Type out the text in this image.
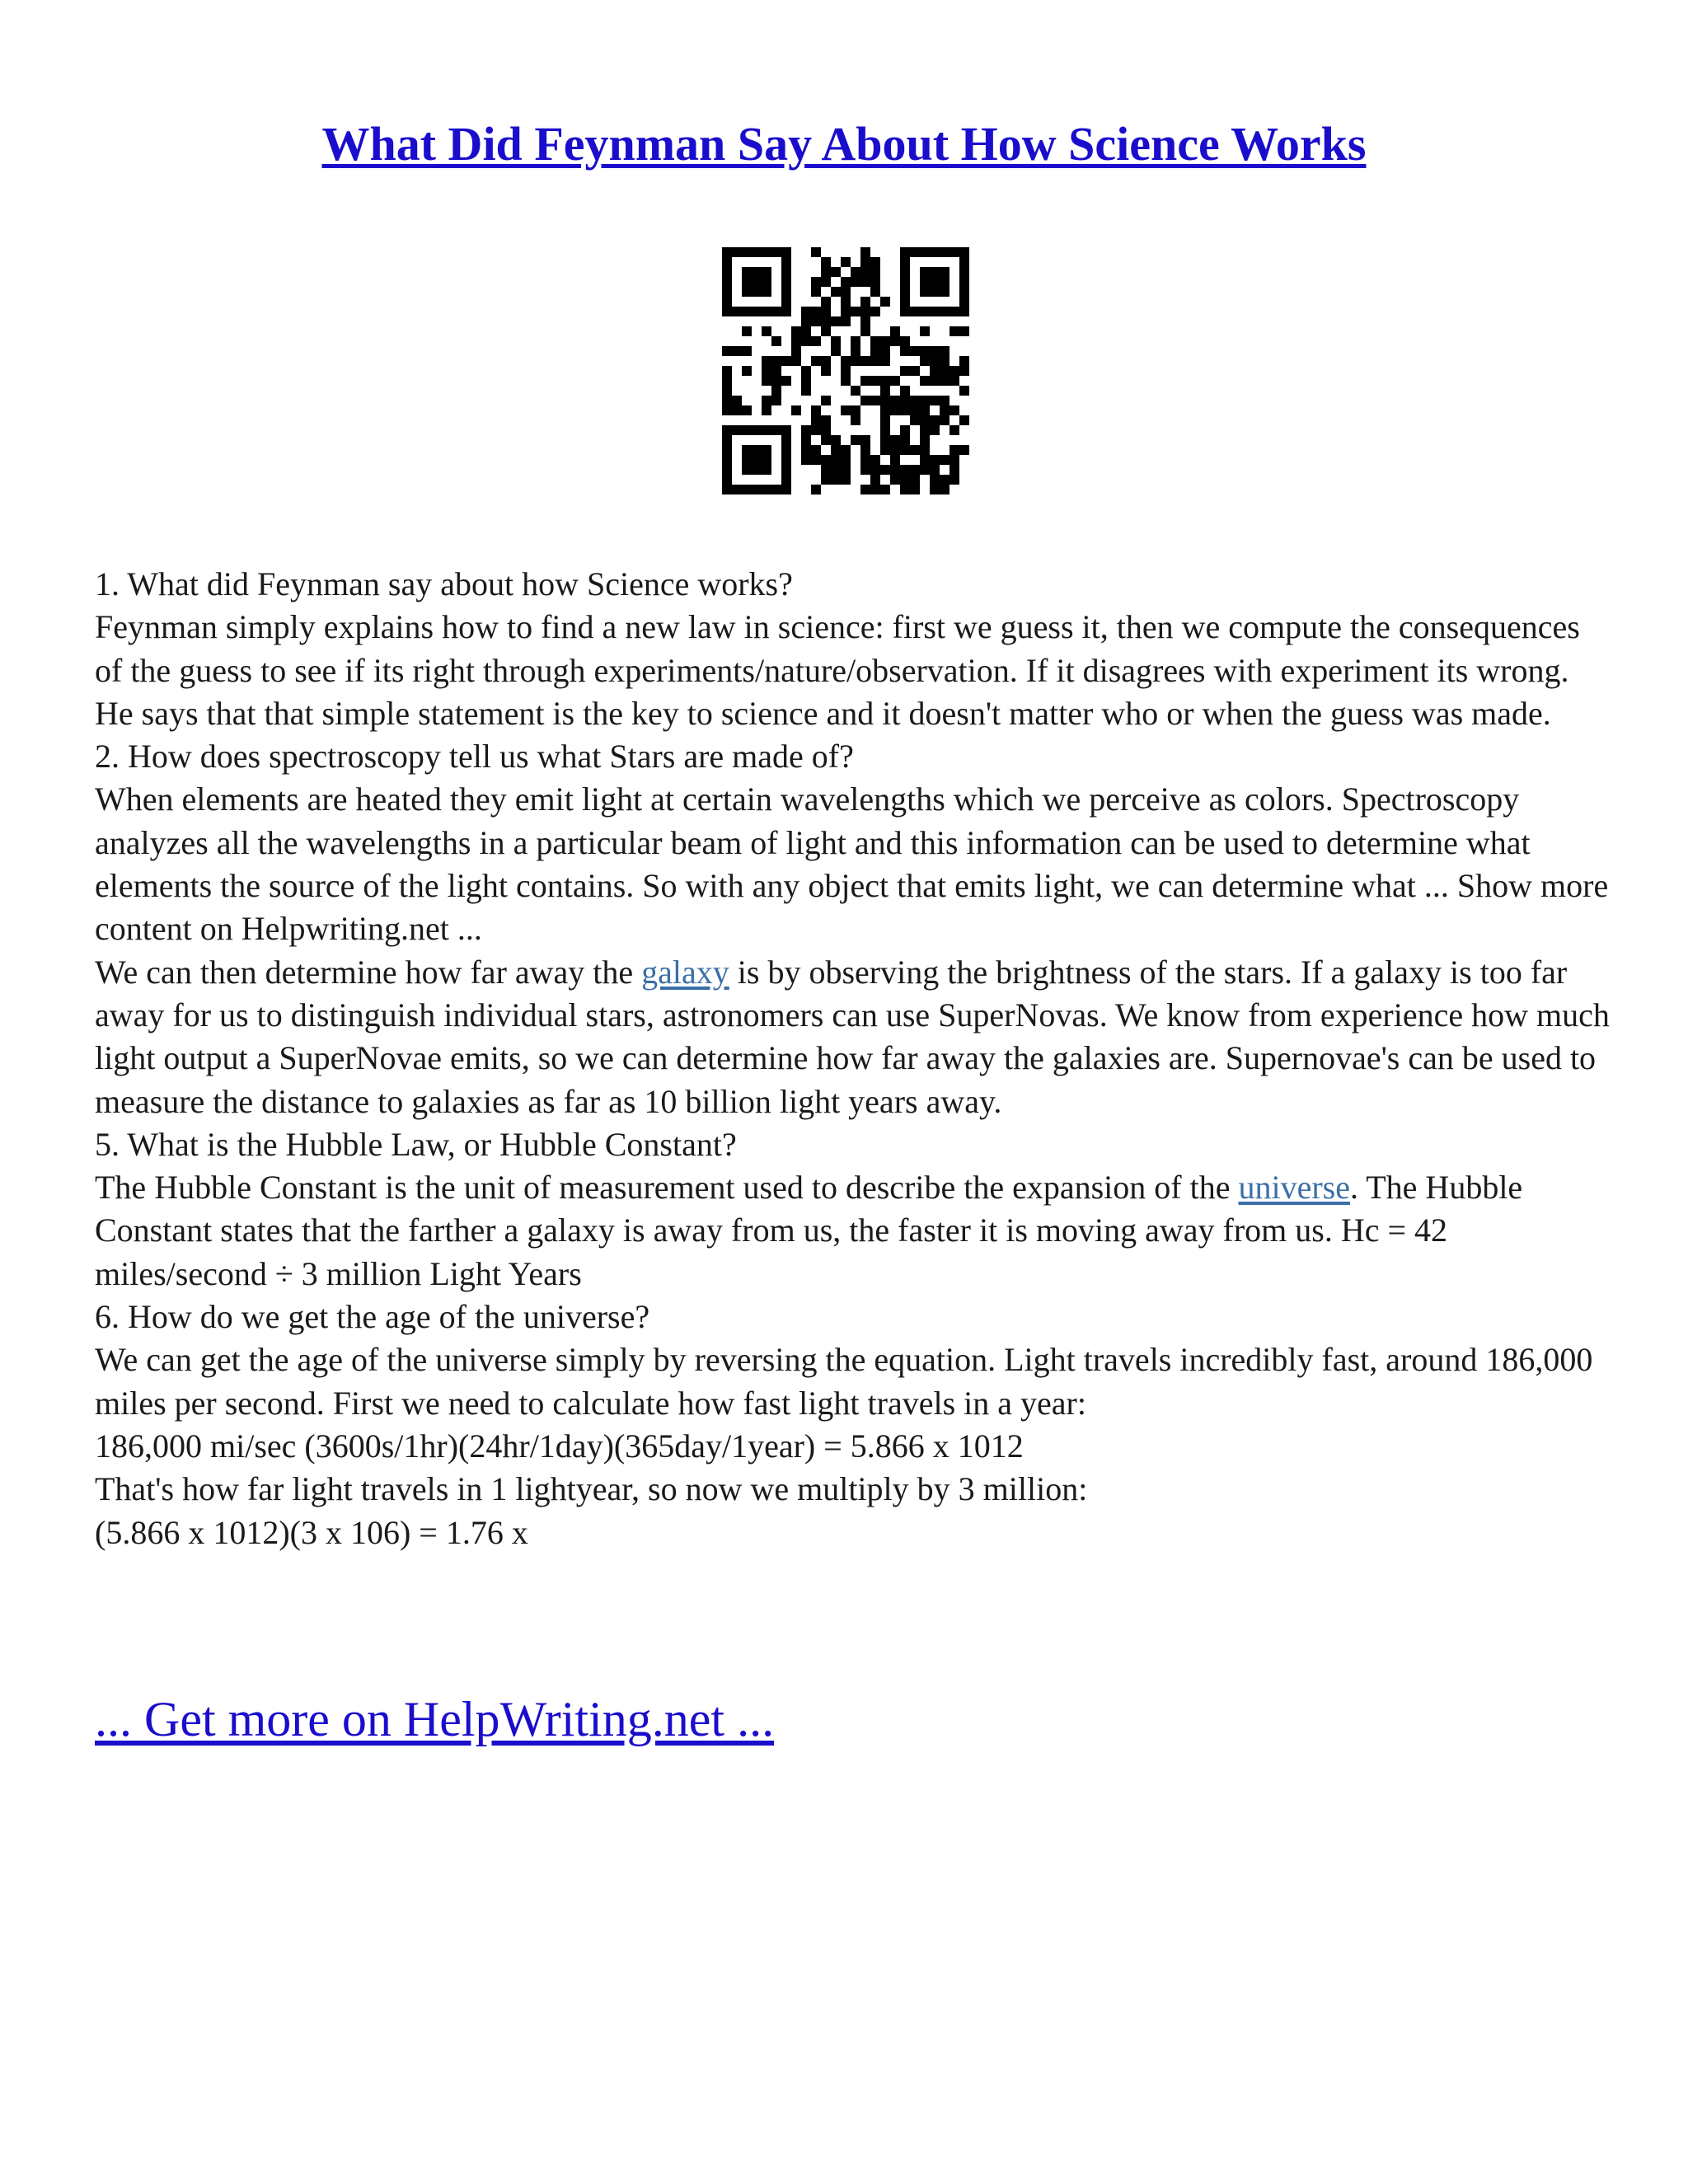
What Did Feynman Say About How Science Works

1. What did Feynman say about how Science works?

Feynman simply explains how to find a new law in science: first we guess it, then we compute the consequences of the guess to see if its right through experiments/nature/observation. If it disagrees with experiment its wrong. He says that that simple statement is the key to science and it doesn't matter who or when the guess was made.

2. How does spectroscopy tell us what Stars are made of?

When elements are heated they emit light at certain wavelengths which we perceive as colors. Spectroscopy analyzes all the wavelengths in a particular beam of light and this information can be used to determine what elements the source of the light contains. So with any object that emits light, we can determine what ... Show more content on Helpwriting.net ...

We can then determine how far away the galaxy is by observing the brightness of the stars. If a galaxy is too far away for us to distinguish individual stars, astronomers can use SuperNovas. We know from experience how much light output a SuperNovae emits, so we can determine how far away the galaxies are. Supernovae's can be used to measure the distance to galaxies as far as 10 billion light years away.

5. What is the Hubble Law, or Hubble Constant?

The Hubble Constant is the unit of measurement used to describe the expansion of the universe. The Hubble Constant states that the farther a galaxy is away from us, the faster it is moving away from us. Hc = 42 miles/second ÷ 3 million Light Years

6. How do we get the age of the universe?

We can get the age of the universe simply by reversing the equation. Light travels incredibly fast, around 186,000 miles per second. First we need to calculate how fast light travels in a year:

186,000 mi/sec (3600s/1hr)(24hr/1day)(365day/1year) = 5.866 x 1012

That's how far light travels in 1 lightyear, so now we multiply by 3 million:

(5.866 x 1012)(3 x 106) = 1.76 x

... Get more on HelpWriting.net ...
